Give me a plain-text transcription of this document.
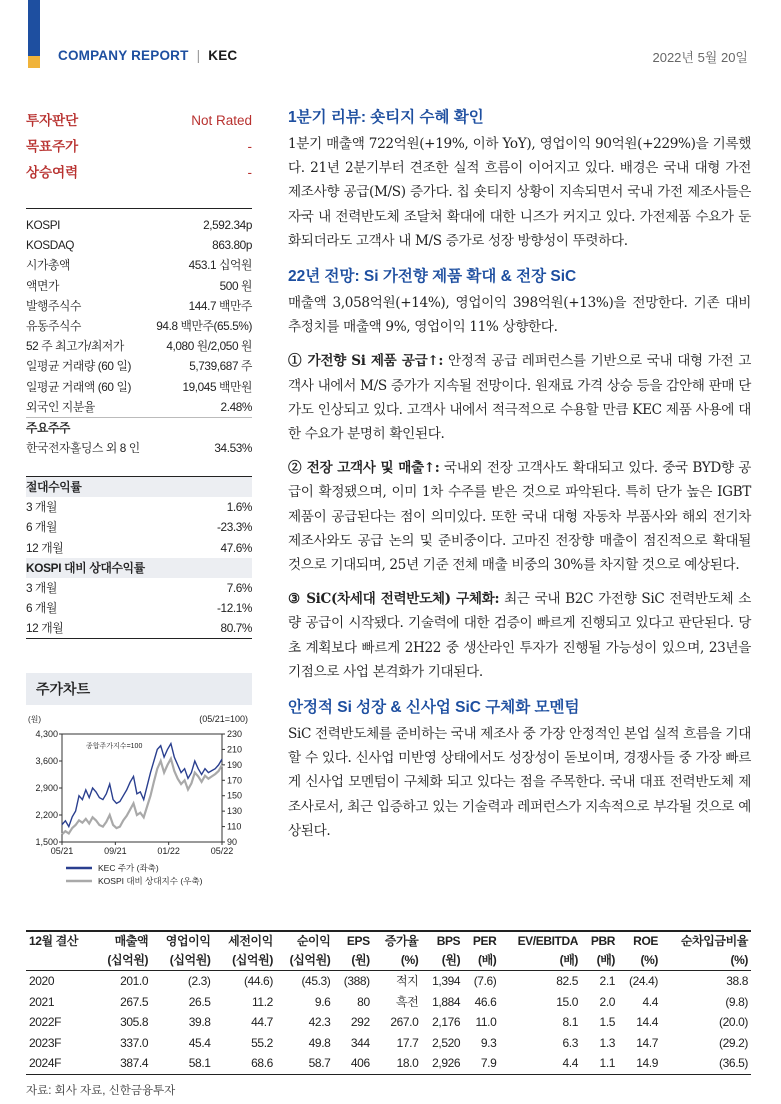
COMPANY REPORT | KEC	2022년 5월 20일
투자판단	Not Rated
목표주가	-
상승여력	-
KOSPI	2,592.34p
KOSDAQ	863.80p
시가총액	453.1 십억원
액면가	500 원
발행주식수	144.7 백만주
유동주식수	94.8 백만주(65.5%)
52 주 최고가/최저가	4,080 원/2,050 원
일평균 거래량 (60 일)	5,739,687 주
일평균 거래액 (60 일)	19,045 백만원
외국인 지분율	2.48%
주요주주
한국전자홀딩스 외 8 인	34.53%
절대수익률
3 개월	1.6%
6 개월	-23.3%
12 개월	47.6%
KOSPI 대비 상대수익률
3 개월	7.6%
6 개월	-12.1%
12 개월	80.7%
주가차트
(원)	(05/21=100)
4,300
3,600
2,900
2,200
1,500
230
210
190
170
150
130
110
90
05/21	09/21	01/22	05/22
종합주가지수=100
KEC 주가 (좌축)
KOSPI 대비 상대지수 (우축)
1분기 리뷰: 숏티지 수혜 확인

1분기 매출액 722억원(+19%, 이하 YoY), 영업이익 90억원(+229%)을 기록했다. 21년 2분기부터 견조한 실적 흐름이 이어지고 있다. 배경은 국내 대형 가전 제조사향 공급(M/S) 증가다. 칩 숏티지 상황이 지속되면서 국내 가전 제조사들은 자국 내 전력반도체 조달처 확대에 대한 니즈가 커지고 있다. 가전제품 수요가 둔화되더라도 고객사 내 M/S 증가로 성장 방향성이 뚜렷하다.

22년 전망: Si 가전향 제품 확대 & 전장 SiC

매출액 3,058억원(+14%), 영업이익 398억원(+13%)을 전망한다. 기존 대비 추정치를 매출액 9%, 영업이익 11% 상향한다.

① 가전향 Si 제품 공급↑: 안정적 공급 레퍼런스를 기반으로 국내 대형 가전 고객사 내에서 M/S 증가가 지속될 전망이다. 원재료 가격 상승 등을 감안해 판매 단가도 인상되고 있다. 고객사 내에서 적극적으로 수용할 만큼 KEC 제품 사용에 대한 수요가 분명히 확인된다.

② 전장 고객사 및 매출↑: 국내외 전장 고객사도 확대되고 있다. 중국 BYD향 공급이 확정됐으며, 이미 1차 수주를 받은 것으로 파악된다. 특히 단가 높은 IGBT 제품이 공급된다는 점이 의미있다. 또한 국내 대형 자동차 부품사와 해외 전기차 제조사와도 공급 논의 및 준비중이다. 고마진 전장향 매출이 점진적으로 확대될 것으로 기대되며, 25년 기준 전체 매출 비중의 30%를 차지할 것으로 예상된다.

③ SiC(차세대 전력반도체) 구체화: 최근 국내 B2C 가전향 SiC 전력반도체 소량 공급이 시작됐다. 기술력에 대한 검증이 빠르게 진행되고 있다고 판단된다. 당초 계획보다 빠르게 2H22 중 생산라인 투자가 진행될 가능성이 있으며, 23년을 기점으로 사업 본격화가 기대된다.

안정적 Si 성장 & 신사업 SiC 구체화 모멘텀

SiC 전력반도체를 준비하는 국내 제조사 중 가장 안정적인 본업 실적 흐름을 기대할 수 있다. 신사업 미반영 상태에서도 성장성이 돋보이며, 경쟁사들 중 가장 빠르게 신사업 모멘텀이 구체화 되고 있다는 점을 주목한다. 국내 대표 전력반도체 제조사로서, 최근 입증하고 있는 기술력과 레퍼런스가 지속적으로 부각될 것으로 예상된다.

12월 결산	매출액	영업이익	세전이익	순이익	EPS	증가율	BPS	PER	EV/EBITDA	PBR	ROE	순차입금비율
	(십억원)	(십억원)	(십억원)	(십억원)	(원)	(%)	(원)	(배)	(배)	(배)	(%)	(%)
2020	201.0	(2.3)	(44.6)	(45.3)	(388)	적지	1,394	(7.6)	82.5	2.1	(24.4)	38.8
2021	267.5	26.5	11.2	9.6	80	흑전	1,884	46.6	15.0	2.0	4.4	(9.8)
2022F	305.8	39.8	44.7	42.3	292	267.0	2,176	11.0	8.1	1.5	14.4	(20.0)
2023F	337.0	45.4	55.2	49.8	344	17.7	2,520	9.3	6.3	1.3	14.7	(29.2)
2024F	387.4	58.1	68.6	58.7	406	18.0	2,926	7.9	4.4	1.1	14.9	(36.5)
자료: 회사 자료, 신한금융투자
